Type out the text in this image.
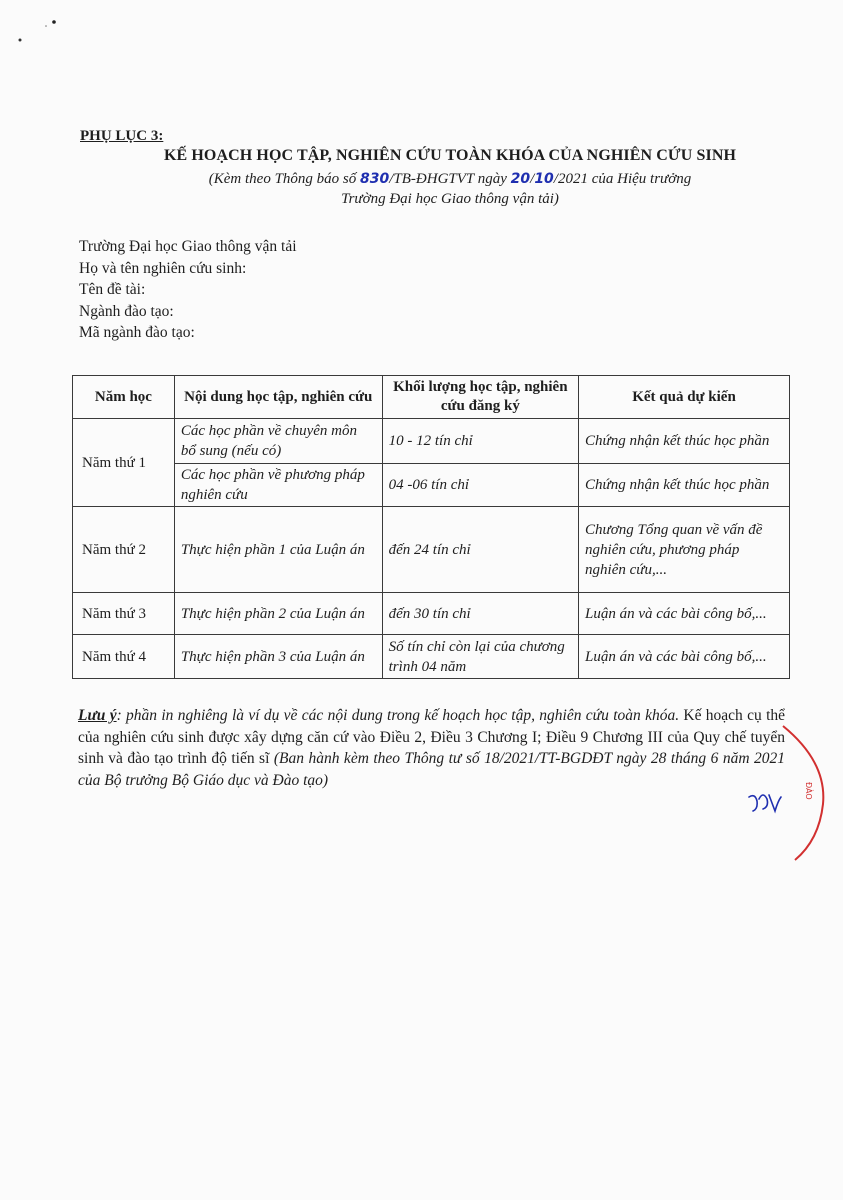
PHỤ LỤC 3:
KẾ HOẠCH HỌC TẬP, NGHIÊN CỨU TOÀN KHÓA CỦA NGHIÊN CỨU SINH
(Kèm theo Thông báo số 830/TB-ĐHGTVT ngày 20/10/2021 của Hiệu trưởng
Trường Đại học Giao thông vận tải)
Trường Đại học Giao thông vận tải
Họ và tên nghiên cứu sinh:
Tên đề tài:
Ngành đào tạo:
Mã ngành đào tạo:
Năm học	Nội dung học tập, nghiên cứu	Khối lượng học tập, nghiên cứu đăng ký	Kết quả dự kiến
Năm thứ 1	Các học phần về chuyên môn bổ sung (nếu có)	10 - 12 tín chỉ	Chứng nhận kết thúc học phần
	Các học phần về phương pháp nghiên cứu	04 -06 tín chỉ	Chứng nhận kết thúc học phần
Năm thứ 2	Thực hiện phần 1 của Luận án	đến 24 tín chỉ	Chương Tổng quan về vấn đề nghiên cứu, phương pháp nghiên cứu,...
Năm thứ 3	Thực hiện phần 2 của Luận án	đến 30 tín chỉ	Luận án và các bài công bố,...
Năm thứ 4	Thực hiện phần 3 của Luận án	Số tín chỉ còn lại của chương trình 04 năm	Luận án và các bài công bố,...
Lưu ý: phần in nghiêng là ví dụ về các nội dung trong kế hoạch học tập, nghiên cứu toàn khóa. Kế hoạch cụ thể của nghiên cứu sinh được xây dựng căn cứ vào Điều 2, Điều 3 Chương I; Điều 9 Chương III của Quy chế tuyển sinh và đào tạo trình độ tiến sĩ (Ban hành kèm theo Thông tư số 18/2021/TT-BGDĐT ngày 28 tháng 6 năm 2021 của Bộ trưởng Bộ Giáo dục và Đào tạo)
ĐÀO
